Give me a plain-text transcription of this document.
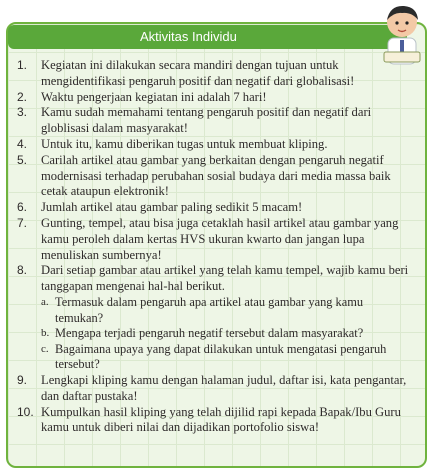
Aktivitas Individu
1.	Kegiatan ini dilakukan secara mandiri dengan tujuan untuk mengidentifikasi pengaruh positif dan negatif dari globalisasi!
2.	Waktu pengerjaan kegiatan ini adalah 7 hari!
3.	Kamu sudah memahami tentang pengaruh positif dan negatif dari globlisasi dalam masyarakat!
4.	Untuk itu, kamu diberikan tugas untuk membuat kliping.
5.	Carilah artikel atau gambar yang berkaitan dengan pengaruh negatif modernisasi terhadap perubahan sosial budaya dari media massa baik cetak ataupun elektronik!
6.	Jumlah artikel atau gambar paling sedikit 5 macam!
7.	Gunting, tempel, atau bisa juga cetaklah hasil artikel atau gambar yang kamu peroleh dalam kertas HVS ukuran kwarto dan jangan lupa menuliskan sumbernya!
8.	Dari setiap gambar atau artikel yang telah kamu tempel, wajib kamu beri tanggapan mengenai hal-hal berikut.
a. Termasuk dalam pengaruh apa artikel atau gambar yang kamu temukan?
b. Mengapa terjadi pengaruh negatif tersebut dalam masyarakat?
c. Bagaimana upaya yang dapat dilakukan untuk mengatasi pengaruh tersebut?
9.	Lengkapi kliping kamu dengan halaman judul, daftar isi, kata pengantar, dan daftar pustaka!
10. Kumpulkan hasil kliping yang telah dijilid rapi kepada Bapak/Ibu Guru kamu untuk diberi nilai dan dijadikan portofolio siswa!
